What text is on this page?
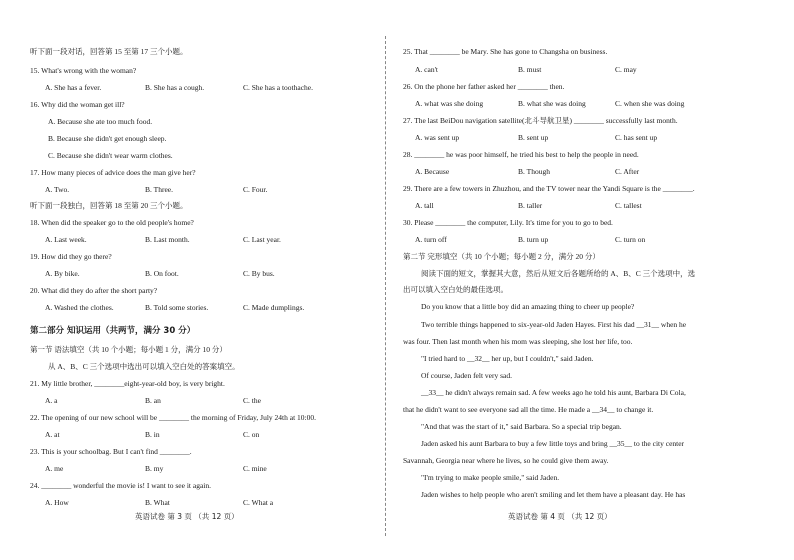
听下面一段对话，回答第 15 至第 17 三个小题。
15. What's wrong with the woman?
A. She has a fever.	B. She has a cough.	C. She has a toothache.
16. Why did the woman get ill?
A. Because she ate too much food.
B. Because she didn't get enough sleep.
C. Because she didn't wear warm clothes.
17. How many pieces of advice does the man give her?
A. Two.	B. Three.	C. Four.
听下面一段独白，回答第 18 至第 20 三个小题。
18. When did the speaker go to the old people's home?
A. Last week.	B. Last month.	C. Last year.
19. How did they go there?
A. By bike.	B. On foot.	C. By bus.
20. What did they do after the short party?
A. Washed the clothes.	B. Told some stories.	C. Made dumplings.
第二部分 知识运用（共两节，满分 30 分）
第一节 语法填空（共 10 个小题；每小题 1 分，满分 10 分）
从 A、B、C 三个选项中选出可以填入空白处的答案填空。
21. My little brother, ________eight-year-old boy, is very bright.
A. a	B. an	C. the
22. The opening of our new school will be ________ the morning of Friday, July 24th at 10:00.
A. at	B. in	C. on
23. This is your schoolbag. But I can't find ________.
A. me	B. my	C. mine
24. ________ wonderful the movie is! I want to see it again.
A. How	B. What	C. What a
英语试卷 第 3 页 （共 12 页）
25. That ________ be Mary. She has gone to Changsha on business.
A. can't	B. must	C. may
26. On the phone her father asked her ________ then.
A. what was she doing	B. what she was doing	C. when she was doing
27. The last BeiDou navigation satellite(北斗导航卫星) ________ successfully last month.
A. was sent up	B. sent up	C. has sent up
28. ________ he was poor himself, he tried his best to help the people in need.
A. Because	B. Though	C. After
29. There are a few towers in Zhuzhou, and the TV tower near the Yandi Square is the ________.
A. tall	B. taller	C. tallest
30. Please ________ the computer, Lily. It's time for you to go to bed.
A. turn off	B. turn up	C. turn on
第二节 完形填空（共 10 个小题；每小题 2 分，满分 20 分）
阅读下面的短文，掌握其大意，然后从短文后各题所给的 A、B、C 三个选项中，选
出可以填入空白处的最佳选项。
Do you know that a little boy did an amazing thing to cheer up people?
Two terrible things happened to six-year-old Jaden Hayes. First his dad __31__ when he
was four. Then last month when his mom was sleeping, she lost her life, too.
"I tried hard to __32__ her up, but I couldn't," said Jaden.
Of course, Jaden felt very sad.
__33__ he didn't always remain sad. A few weeks ago he told his aunt, Barbara Di Cola,
that he didn't want to see everyone sad all the time. He made a __34__ to change it.
"And that was the start of it," said Barbara. So a special trip began.
Jaden asked his aunt Barbara to buy a few little toys and bring __35__ to the city center
Savannah, Georgia near where he lives, so he could give them away.
"I'm trying to make people smile," said Jaden.
Jaden wishes to help people who aren't smiling and let them have a pleasant day. He has
英语试卷 第 4 页 （共 12 页）
